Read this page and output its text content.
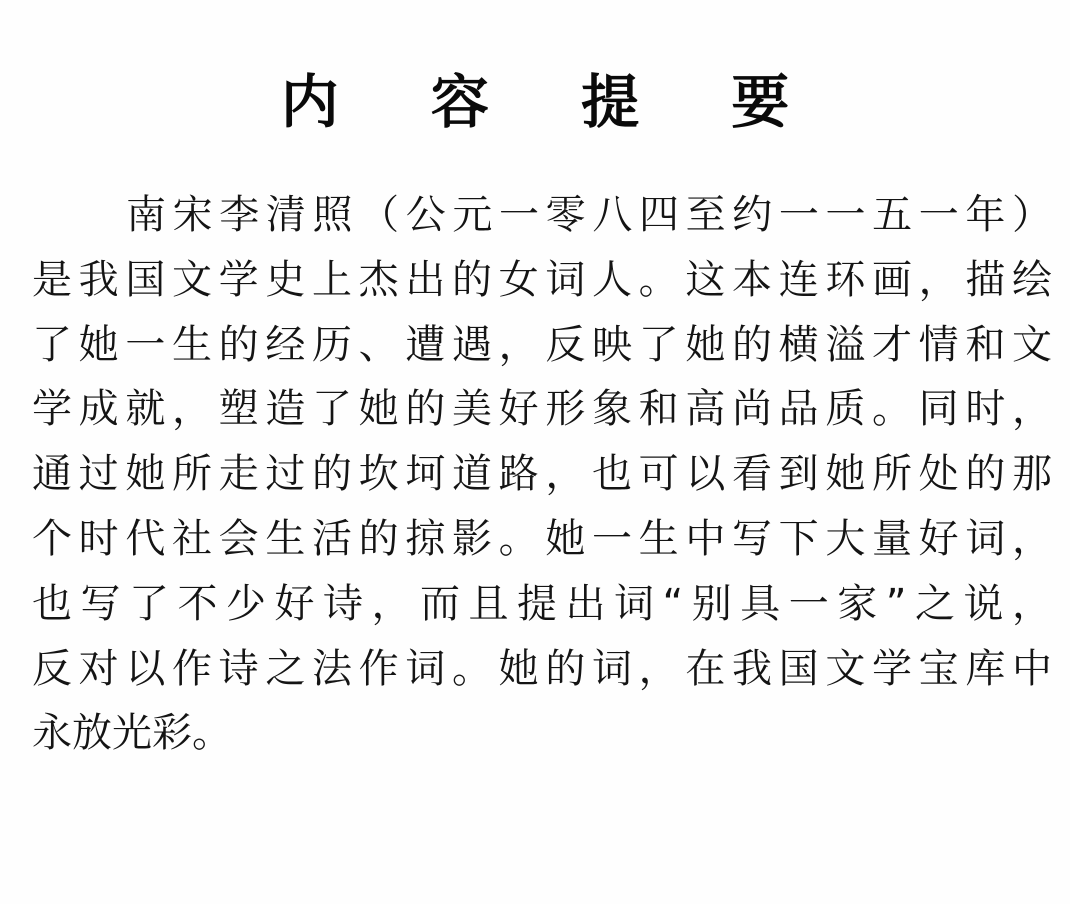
内 容 提 要
南宋李清照（公元一零八四至约一一五一年）
是我国文学史上杰出的女词人。这本连环画，描绘
了她一生的经历、遭遇，反映了她的横溢才情和文
学成就，塑造了她的美好形象和高尚品质。同时，
通过她所走过的坎坷道路，也可以看到她所处的那
个时代社会生活的掠影。她一生中写下大量好词，
也写了不少好诗，而且提出词“别具一家”之说，
反对以作诗之法作词。她的词，在我国文学宝库中
永放光彩。
